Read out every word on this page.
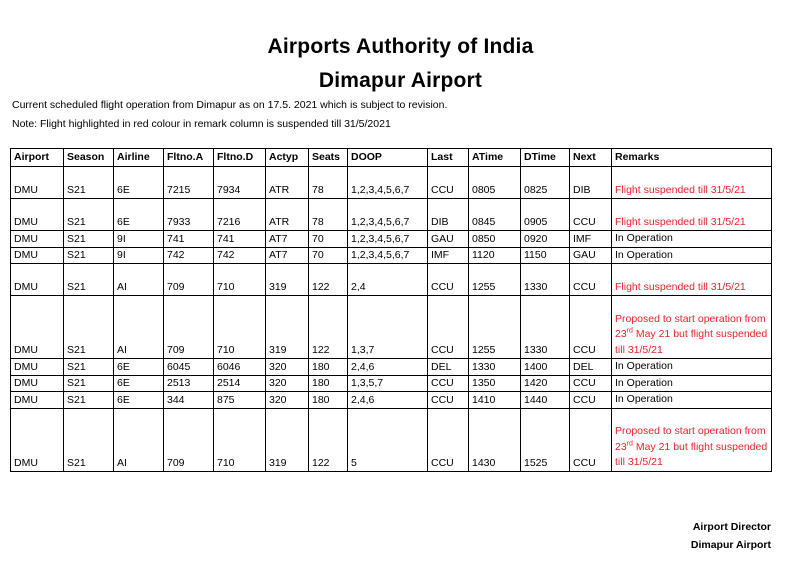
Airports Authority of India
Dimapur Airport
Current scheduled flight operation from Dimapur as on 17.5. 2021 which is subject to revision.
Note: Flight highlighted in red colour in remark column is suspended till 31/5/2021
Airport	Season	Airline	Fltno.A	Fltno.D	Actyp	Seats	DOOP	Last	ATime	DTime	Next	Remarks
DMU	S21	6E	7215	7934	ATR	78	1,2,3,4,5,6,7	CCU	0805	0825	DIB	Flight suspended till 31/5/21
DMU	S21	6E	7933	7216	ATR	78	1,2,3,4,5,6,7	DIB	0845	0905	CCU	Flight suspended till 31/5/21
DMU	S21	9I	741	741	AT7	70	1,2,3,4,5,6,7	GAU	0850	0920	IMF	In Operation
DMU	S21	9I	742	742	AT7	70	1,2,3,4,5,6,7	IMF	1120	1150	GAU	In Operation
DMU	S21	AI	709	710	319	122	2,4	CCU	1255	1330	CCU	Flight suspended till 31/5/21
DMU	S21	AI	709	710	319	122	1,3,7	CCU	1255	1330	CCU	Proposed to start operation from 23rd May 21 but flight suspended till 31/5/21
DMU	S21	6E	6045	6046	320	180	2,4,6	DEL	1330	1400	DEL	In Operation
DMU	S21	6E	2513	2514	320	180	1,3,5,7	CCU	1350	1420	CCU	In Operation
DMU	S21	6E	344	875	320	180	2,4,6	CCU	1410	1440	CCU	In Operation
DMU	S21	AI	709	710	319	122	5	CCU	1430	1525	CCU	Proposed to start operation from 23rd May 21 but flight suspended till 31/5/21
Airport Director
Dimapur Airport
